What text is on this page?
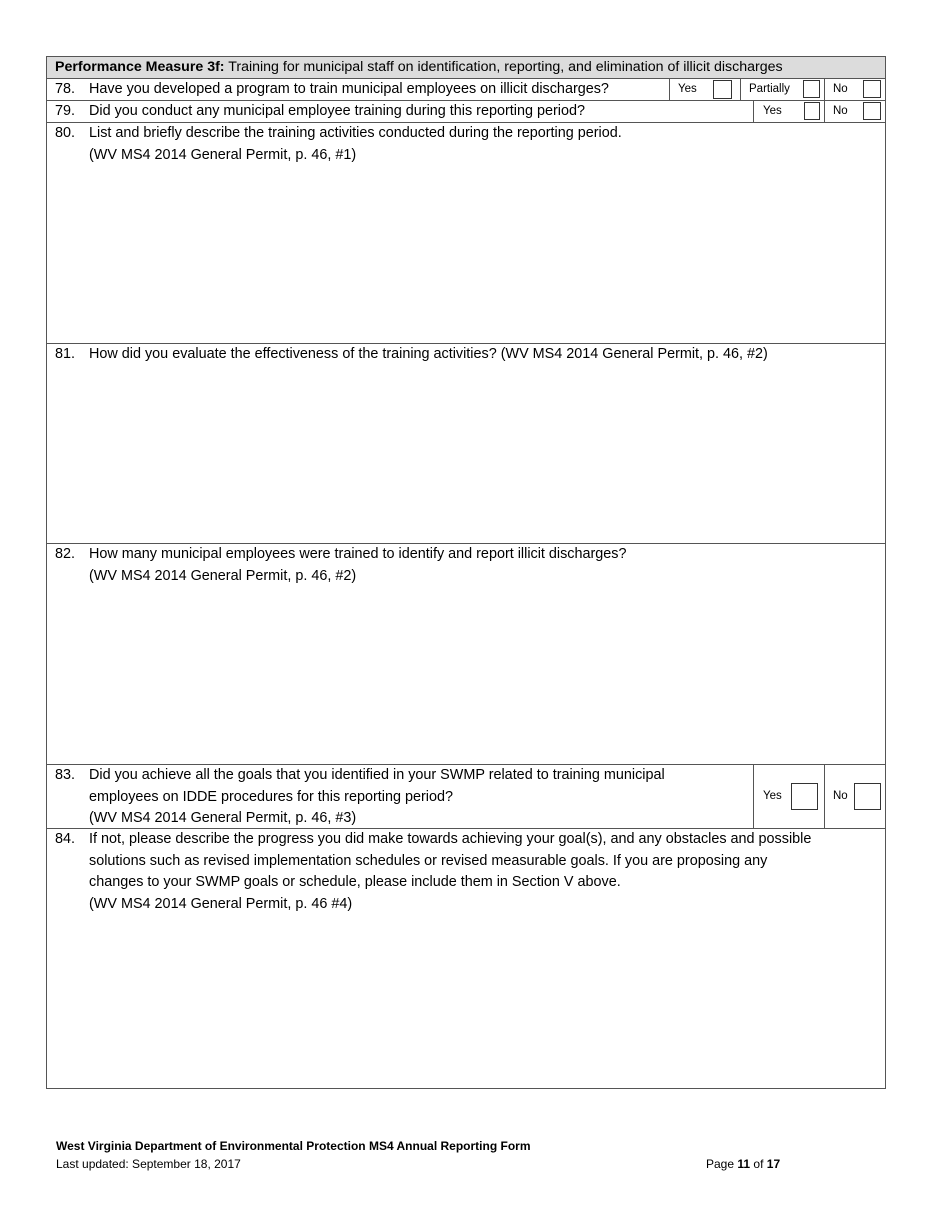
Performance Measure 3f: Training for municipal staff on identification, reporting, and elimination of illicit discharges
78. Have you developed a program to train municipal employees on illicit discharges?	Yes	Partially	No
79. Did you conduct any municipal employee training during this reporting period?	Yes	No
80. List and briefly describe the training activities conducted during the reporting period.
(WV MS4 2014 General Permit, p. 46, #1)
81. How did you evaluate the effectiveness of the training activities? (WV MS4 2014 General Permit, p. 46, #2)
82. How many municipal employees were trained to identify and report illicit discharges?
(WV MS4 2014 General Permit, p. 46, #2)
83. Did you achieve all the goals that you identified in your SWMP related to training municipal
employees on IDDE procedures for this reporting period?
(WV MS4 2014 General Permit, p. 46, #3)
Yes	No
84. If not, please describe the progress you did make towards achieving your goal(s), and any obstacles and possible
solutions such as revised implementation schedules or revised measurable goals. If you are proposing any
changes to your SWMP goals or schedule, please include them in Section V above.
(WV MS4 2014 General Permit, p. 46 #4)
West Virginia Department of Environmental Protection MS4 Annual Reporting Form
Last updated: September 18, 2017	Page 11 of 17
